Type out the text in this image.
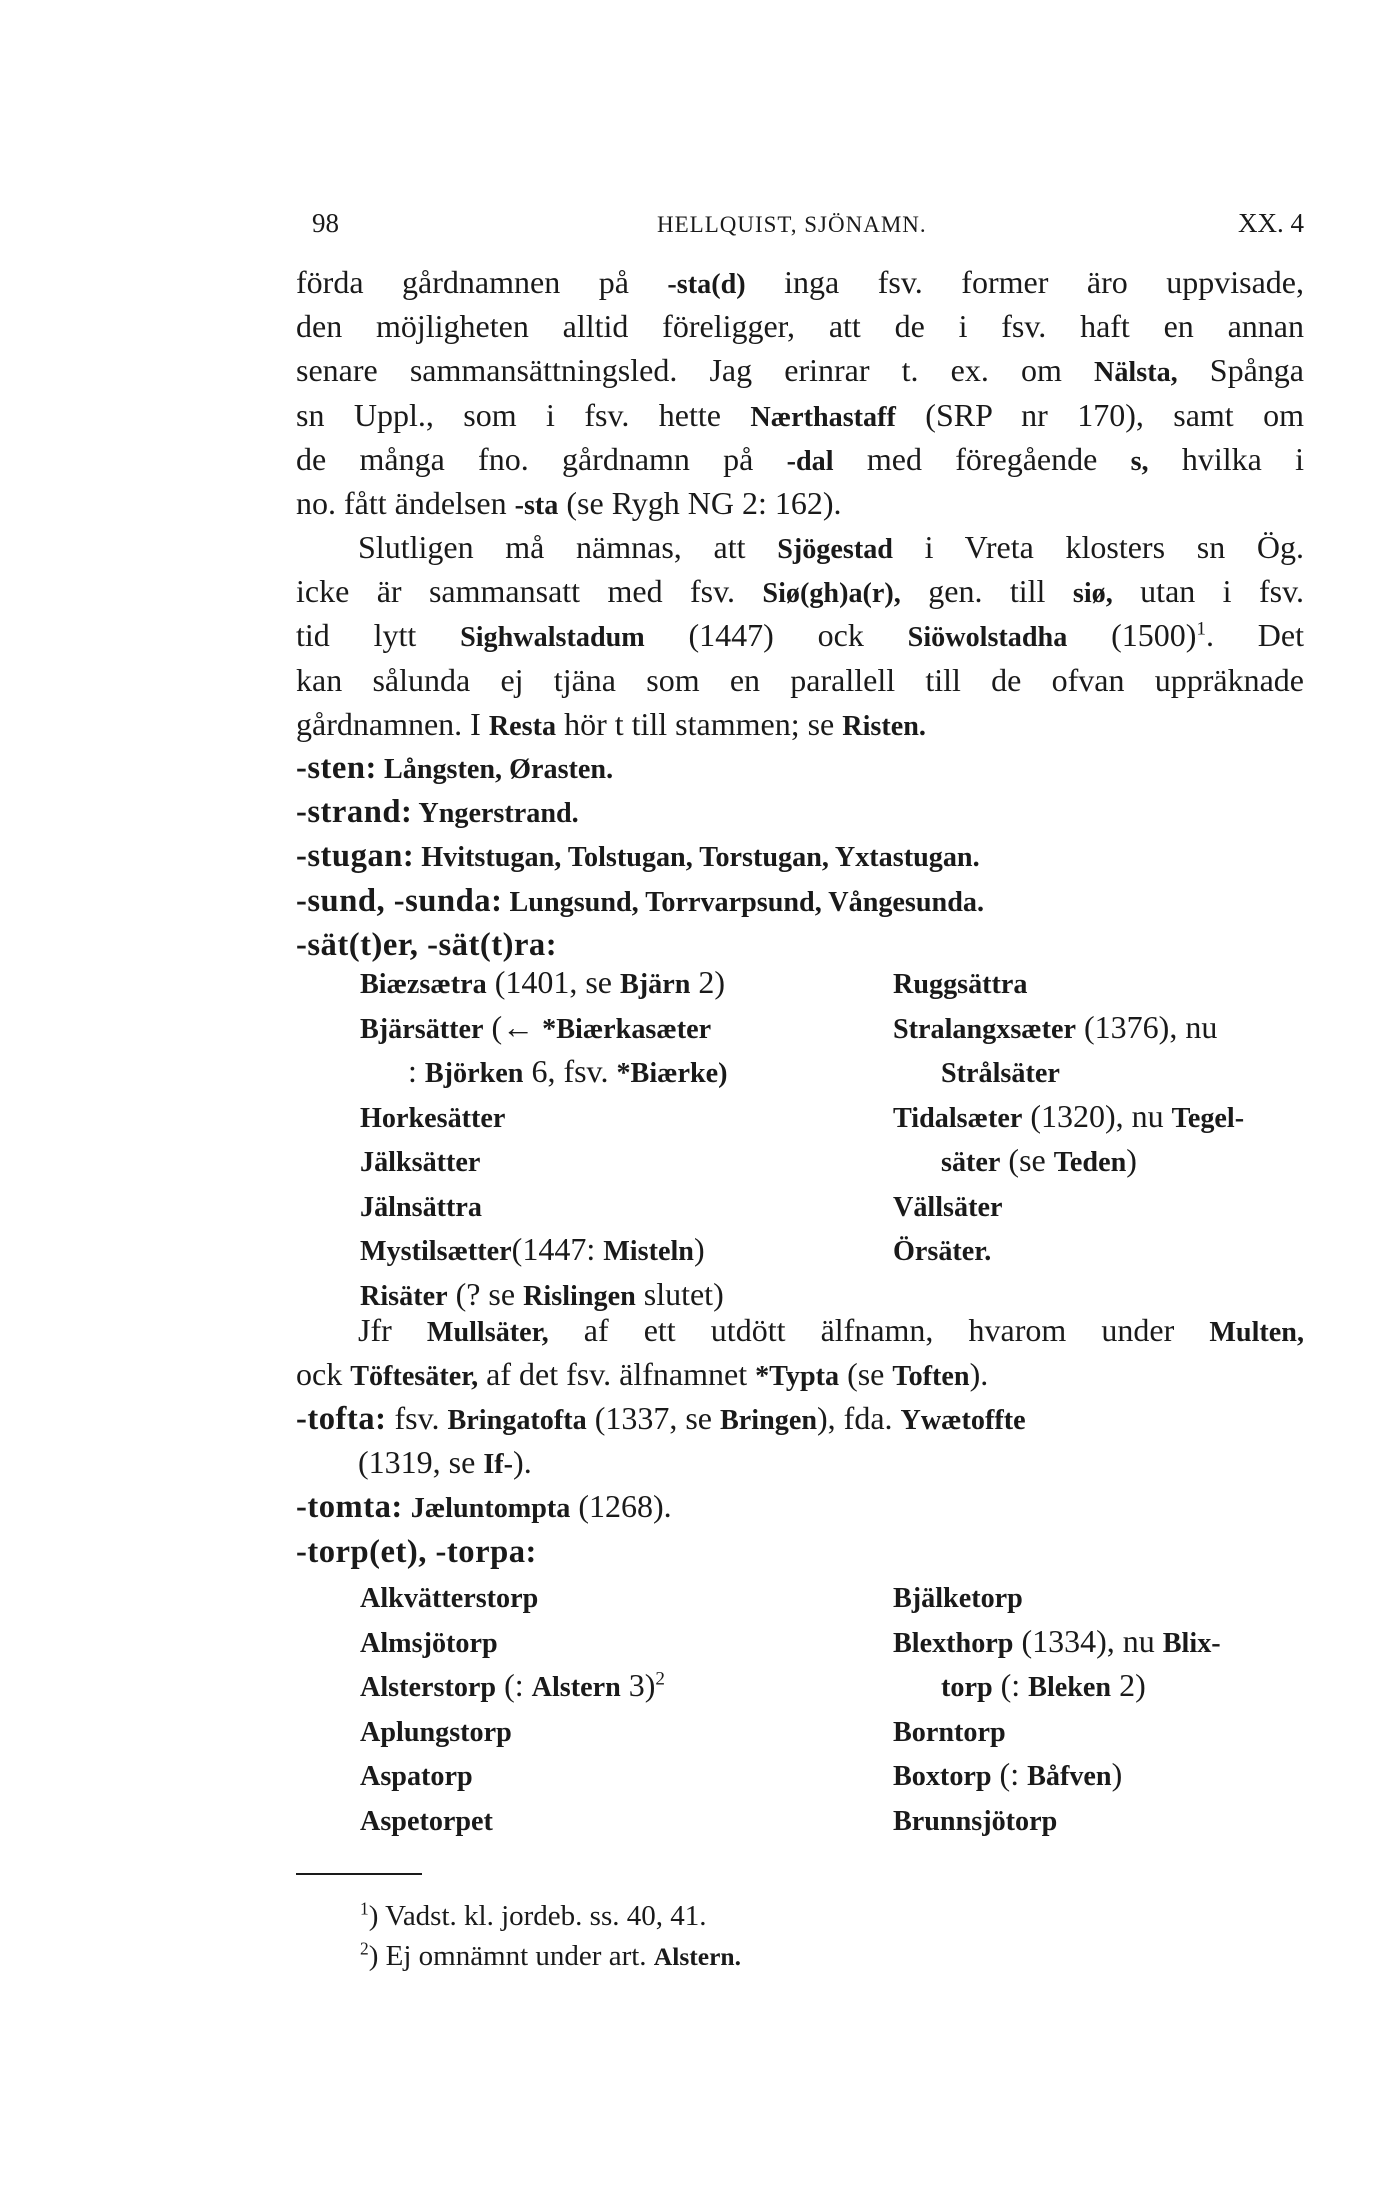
98	HELLQUIST, SJÖNAMN.	XX. 4
förda gårdnamnen på -sta(d) inga fsv. former äro uppvisade,
den möjligheten alltid föreligger, att de i fsv. haft en annan
senare sammansättningsled. Jag erinrar t. ex. om Nälsta, Spånga
sn Uppl., som i fsv. hette Nærthastaff (SRP nr 170), samt om
de många fno. gårdnamn på -dal med föregående s, hvilka i
no. fått ändelsen -sta (se Rygh NG 2: 162).
Slutligen må nämnas, att Sjögestad i Vreta klosters sn Ög.
icke är sammansatt med fsv. Siø(gh)a(r), gen. till siø, utan i fsv.
tid lytt Sighwalstadum (1447) ock Siöwolstadha $(1500)^1$. Det
kan sålunda ej tjäna som en parallell till de ofvan uppräknade
gårdnamnen. I Resta hör t till stammen; se Risten.
-sten: Långsten, Ørasten.
-strand: Yngerstrand.
-stugan: Hvitstugan, Tolstugan, Torstugan, Yxtastugan.
-sund, -sunda: Lungsund, Torrvarpsund, Vångesunda.
-sät(t)er, -sät(t)ra:
Biæzsætra (1401, se Bjärn 2)
Bjärsätter (← *Biærkasæter
  : Björken 6, fsv. *Biærke)
Horkesätter
Jälksätter
Jälnsättra
Mystilsætter(1447: Misteln)
Risäter (? se Rislingen slutet)
Ruggsättra
Stralangxsæter (1376), nu
  Strålsäter
Tidalsæter (1320), nu Tegel-
  säter (se Teden)
Vällsäter
Örsäter.
Jfr Mullsäter, af ett utdött älfnamn, hvarom under Multen,
ock Töftesäter, af det fsv. älfnamnet *Typta (se Toften).
-tofta: fsv. Bringatofta (1337, se Bringen), fda. Ywætoffte
(1319, se If-).
-tomta: Jæluntompta (1268).
-torp(et), -torpa:
Alkvätterstorp
Almsjötorp
Alsterstorp (: Alstern 3)$^2$
Aplungstorp
Aspatorp
Aspetorpet
Bjälketorp
Blexthorp (1334), nu Blix-
  torp (: Bleken 2)
Borntorp
Boxtorp (: Båfven)
Brunnsjötorp
$^1$) Vadst. kl. jordeb. ss. 40, 41.
$^2$) Ej omnämnt under art. Alstern.
